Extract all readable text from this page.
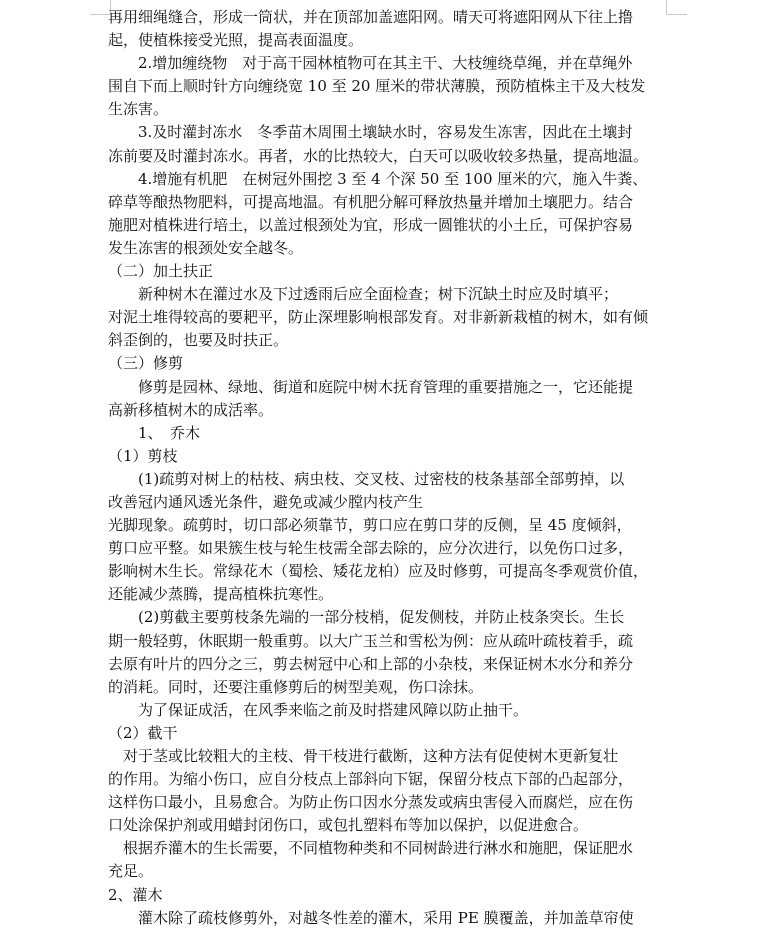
再用细绳缝合，形成一筒状，并在顶部加盖遮阳网。晴天可将遮阳网从下往上撸
起，使植株接受光照，提高表面温度。
　　2.增加缠绕物　对于高干园林植物可在其主干、大枝缠绕草绳，并在草绳外
围自下而上顺时针方向缠绕宽 10 至 20 厘米的带状薄膜，预防植株主干及大枝发
生冻害。
　　3.及时灌封冻水　冬季苗木周围土壤缺水时，容易发生冻害，因此在土壤封
冻前要及时灌封冻水。再者，水的比热较大，白天可以吸收较多热量，提高地温。
　　4.增施有机肥　在树冠外围挖 3 至 4 个深 50 至 100 厘米的穴，施入牛粪、
碎草等酿热物肥料，可提高地温。有机肥分解可释放热量并增加土壤肥力。结合
施肥对植株进行培土，以盖过根颈处为宜，形成一圆锥状的小土丘，可保护容易
发生冻害的根颈处安全越冬。
（二）加土扶正
　　新种树木在灌过水及下过透雨后应全面检查；树下沉缺土时应及时填平；
对泥土堆得较高的要耙平，防止深埋影响根部发育。对非新新栽植的树木，如有倾
斜歪倒的，也要及时扶正。
（三）修剪
　　修剪是园林、绿地、街道和庭院中树木抚育管理的重要措施之一，它还能提
高新移植树木的成活率。
　　1、　乔木
（1）剪枝
　　(1)疏剪对树上的枯枝、病虫枝、交叉枝、过密枝的枝条基部全部剪掉，以
改善冠内通风透光条件，避免或减少膛内枝产生
光脚现象。疏剪时，切口部必须靠节，剪口应在剪口芽的反侧，呈 45 度倾斜，
剪口应平整。如果簇生枝与轮生枝需全部去除的，应分次进行，以免伤口过多，
影响树木生长。常绿花木（蜀桧、矮花龙柏）应及时修剪，可提高冬季观赏价值，
还能减少蒸腾，提高植株抗寒性。
　　(2)剪截主要剪枝条先端的一部分枝梢，促发侧枝，并防止枝条突长。生长
期一般轻剪，休眠期一般重剪。以大广玉兰和雪松为例：应从疏叶疏枝着手，疏
去原有叶片的四分之三，剪去树冠中心和上部的小杂枝，来保证树木水分和养分
的消耗。同时，还要注重修剪后的树型美观，伤口涂抹。
　　为了保证成活，在风季来临之前及时搭建风障以防止抽干。
（2）截干
　对于茎或比较粗大的主枝、骨干枝进行截断，这种方法有促使树木更新复壮
的作用。为缩小伤口，应自分枝点上部斜向下锯，保留分枝点下部的凸起部分，
这样伤口最小，且易愈合。为防止伤口因水分蒸发或病虫害侵入而腐烂，应在伤
口处涂保护剂或用蜡封闭伤口，或包扎塑料布等加以保护，以促进愈合。
　根据乔灌木的生长需要，不同植物种类和不同树龄进行淋水和施肥，保证肥水
充足。
2、灌木
　　灌木除了疏枝修剪外，对越冬性差的灌木，采用 PE 膜覆盖，并加盖草帘使
